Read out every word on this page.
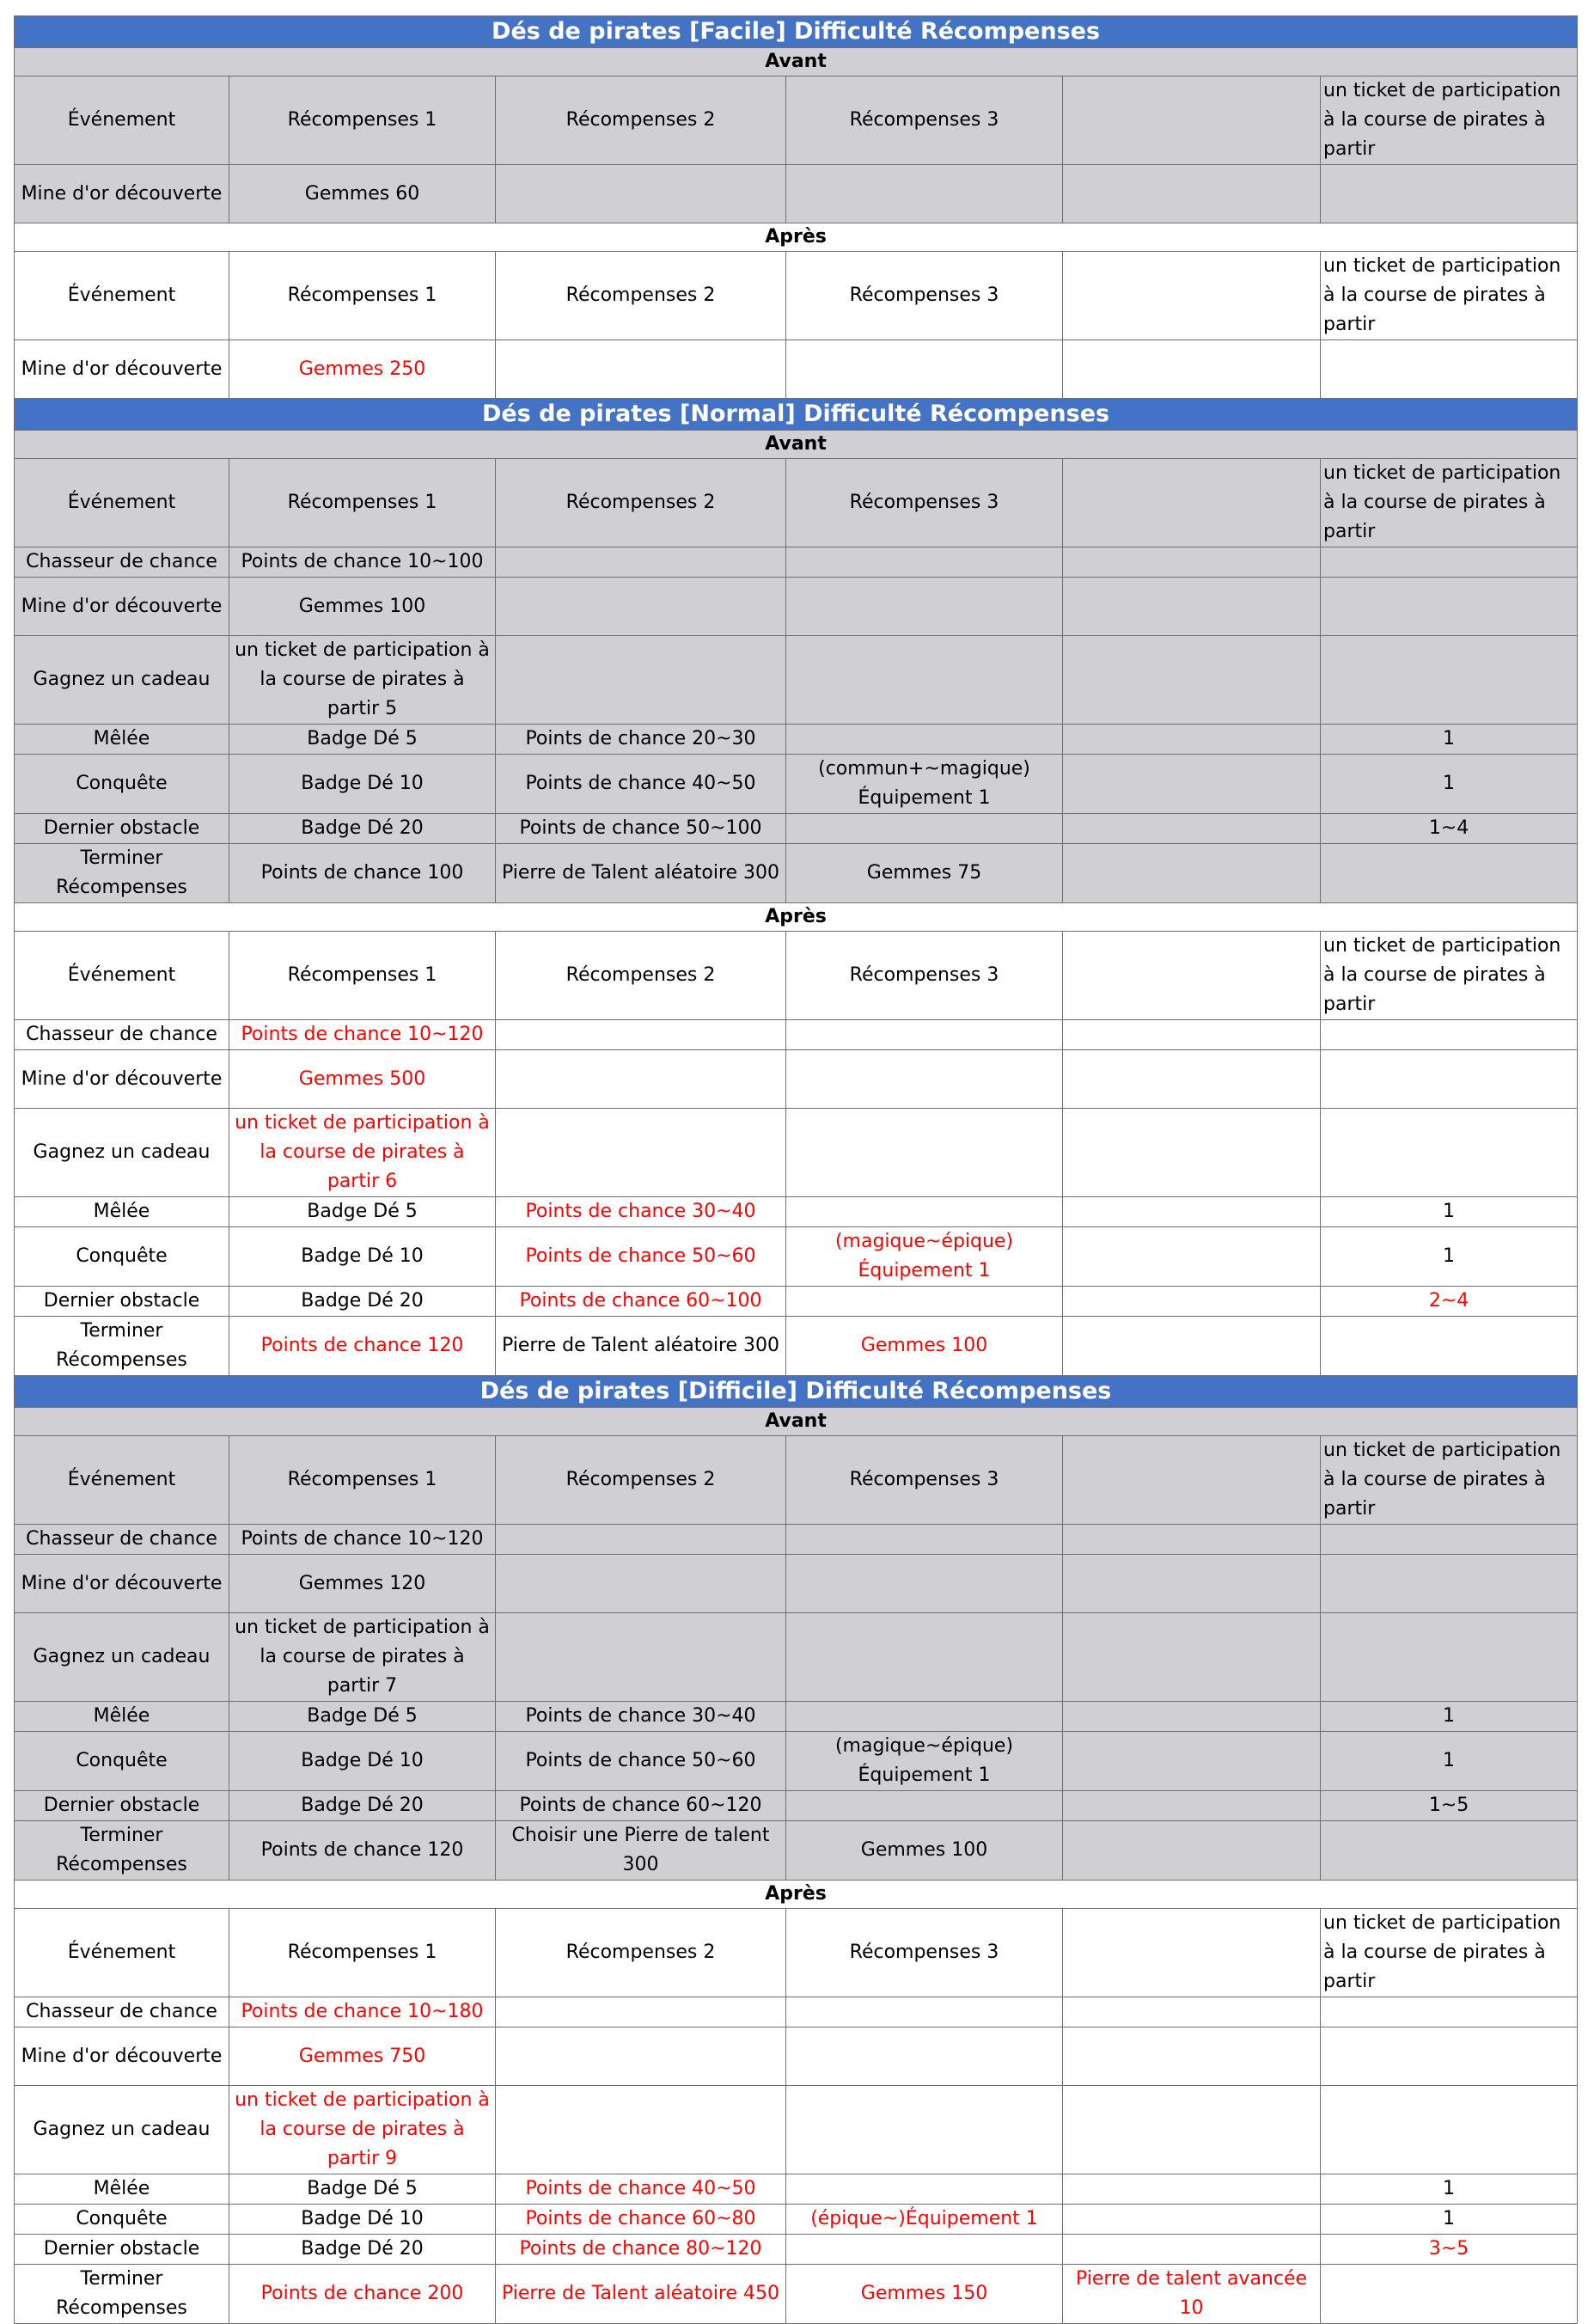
Dés de pirates [Facile] Difficulté Récompenses					
Avant					
Événement	Récompenses 1	Récompenses 2	Récompenses 3		un ticket de participation à la course de pirates à partir
Mine d'or découverte	Gemmes 60				
Après					
Événement	Récompenses 1	Récompenses 2	Récompenses 3		un ticket de participation à la course de pirates à partir
Mine d'or découverte	Gemmes 250				
Dés de pirates [Normal] Difficulté Récompenses					
Avant					
Événement	Récompenses 1	Récompenses 2	Récompenses 3		un ticket de participation à la course de pirates à partir
Chasseur de chance	Points de chance 10~100				
Mine d'or découverte	Gemmes 100				
Gagnez un cadeau	un ticket de participation à la course de pirates à partir 5				
Mêlée	Badge Dé 5	Points de chance 20~30			1
Conquête	Badge Dé 10	Points de chance 40~50	(commun+~magique) Équipement 1		1
Dernier obstacle	Badge Dé 20	Points de chance 50~100			1~4
Terminer Récompenses	Points de chance 100	Pierre de Talent aléatoire 300	Gemmes 75		
Après					
Événement	Récompenses 1	Récompenses 2	Récompenses 3		un ticket de participation à la course de pirates à partir
Chasseur de chance	Points de chance 10~120				
Mine d'or découverte	Gemmes 500				
Gagnez un cadeau	un ticket de participation à la course de pirates à partir 6				
Mêlée	Badge Dé 5	Points de chance 30~40			1
Conquête	Badge Dé 10	Points de chance 50~60	(magique~épique) Équipement 1		1
Dernier obstacle	Badge Dé 20	Points de chance 60~100			2~4
Terminer Récompenses	Points de chance 120	Pierre de Talent aléatoire 300	Gemmes 100		
Dés de pirates [Difficile] Difficulté Récompenses					
Avant					
Événement	Récompenses 1	Récompenses 2	Récompenses 3		un ticket de participation à la course de pirates à partir
Chasseur de chance	Points de chance 10~120				
Mine d'or découverte	Gemmes 120				
Gagnez un cadeau	un ticket de participation à la course de pirates à partir 7				
Mêlée	Badge Dé 5	Points de chance 30~40			1
Conquête	Badge Dé 10	Points de chance 50~60	(magique~épique) Équipement 1		1
Dernier obstacle	Badge Dé 20	Points de chance 60~120			1~5
Terminer Récompenses	Points de chance 120	Choisir une Pierre de talent 300	Gemmes 100		
Après					
Événement	Récompenses 1	Récompenses 2	Récompenses 3		un ticket de participation à la course de pirates à partir
Chasseur de chance	Points de chance 10~180				
Mine d'or découverte	Gemmes 750				
Gagnez un cadeau	un ticket de participation à la course de pirates à partir 9				
Mêlée	Badge Dé 5	Points de chance 40~50			1
Conquête	Badge Dé 10	Points de chance 60~80	(épique~)Équipement 1		1
Dernier obstacle	Badge Dé 20	Points de chance 80~120			3~5
Terminer Récompenses	Points de chance 200	Pierre de Talent aléatoire 450	Gemmes 150	Pierre de talent avancée 10	
